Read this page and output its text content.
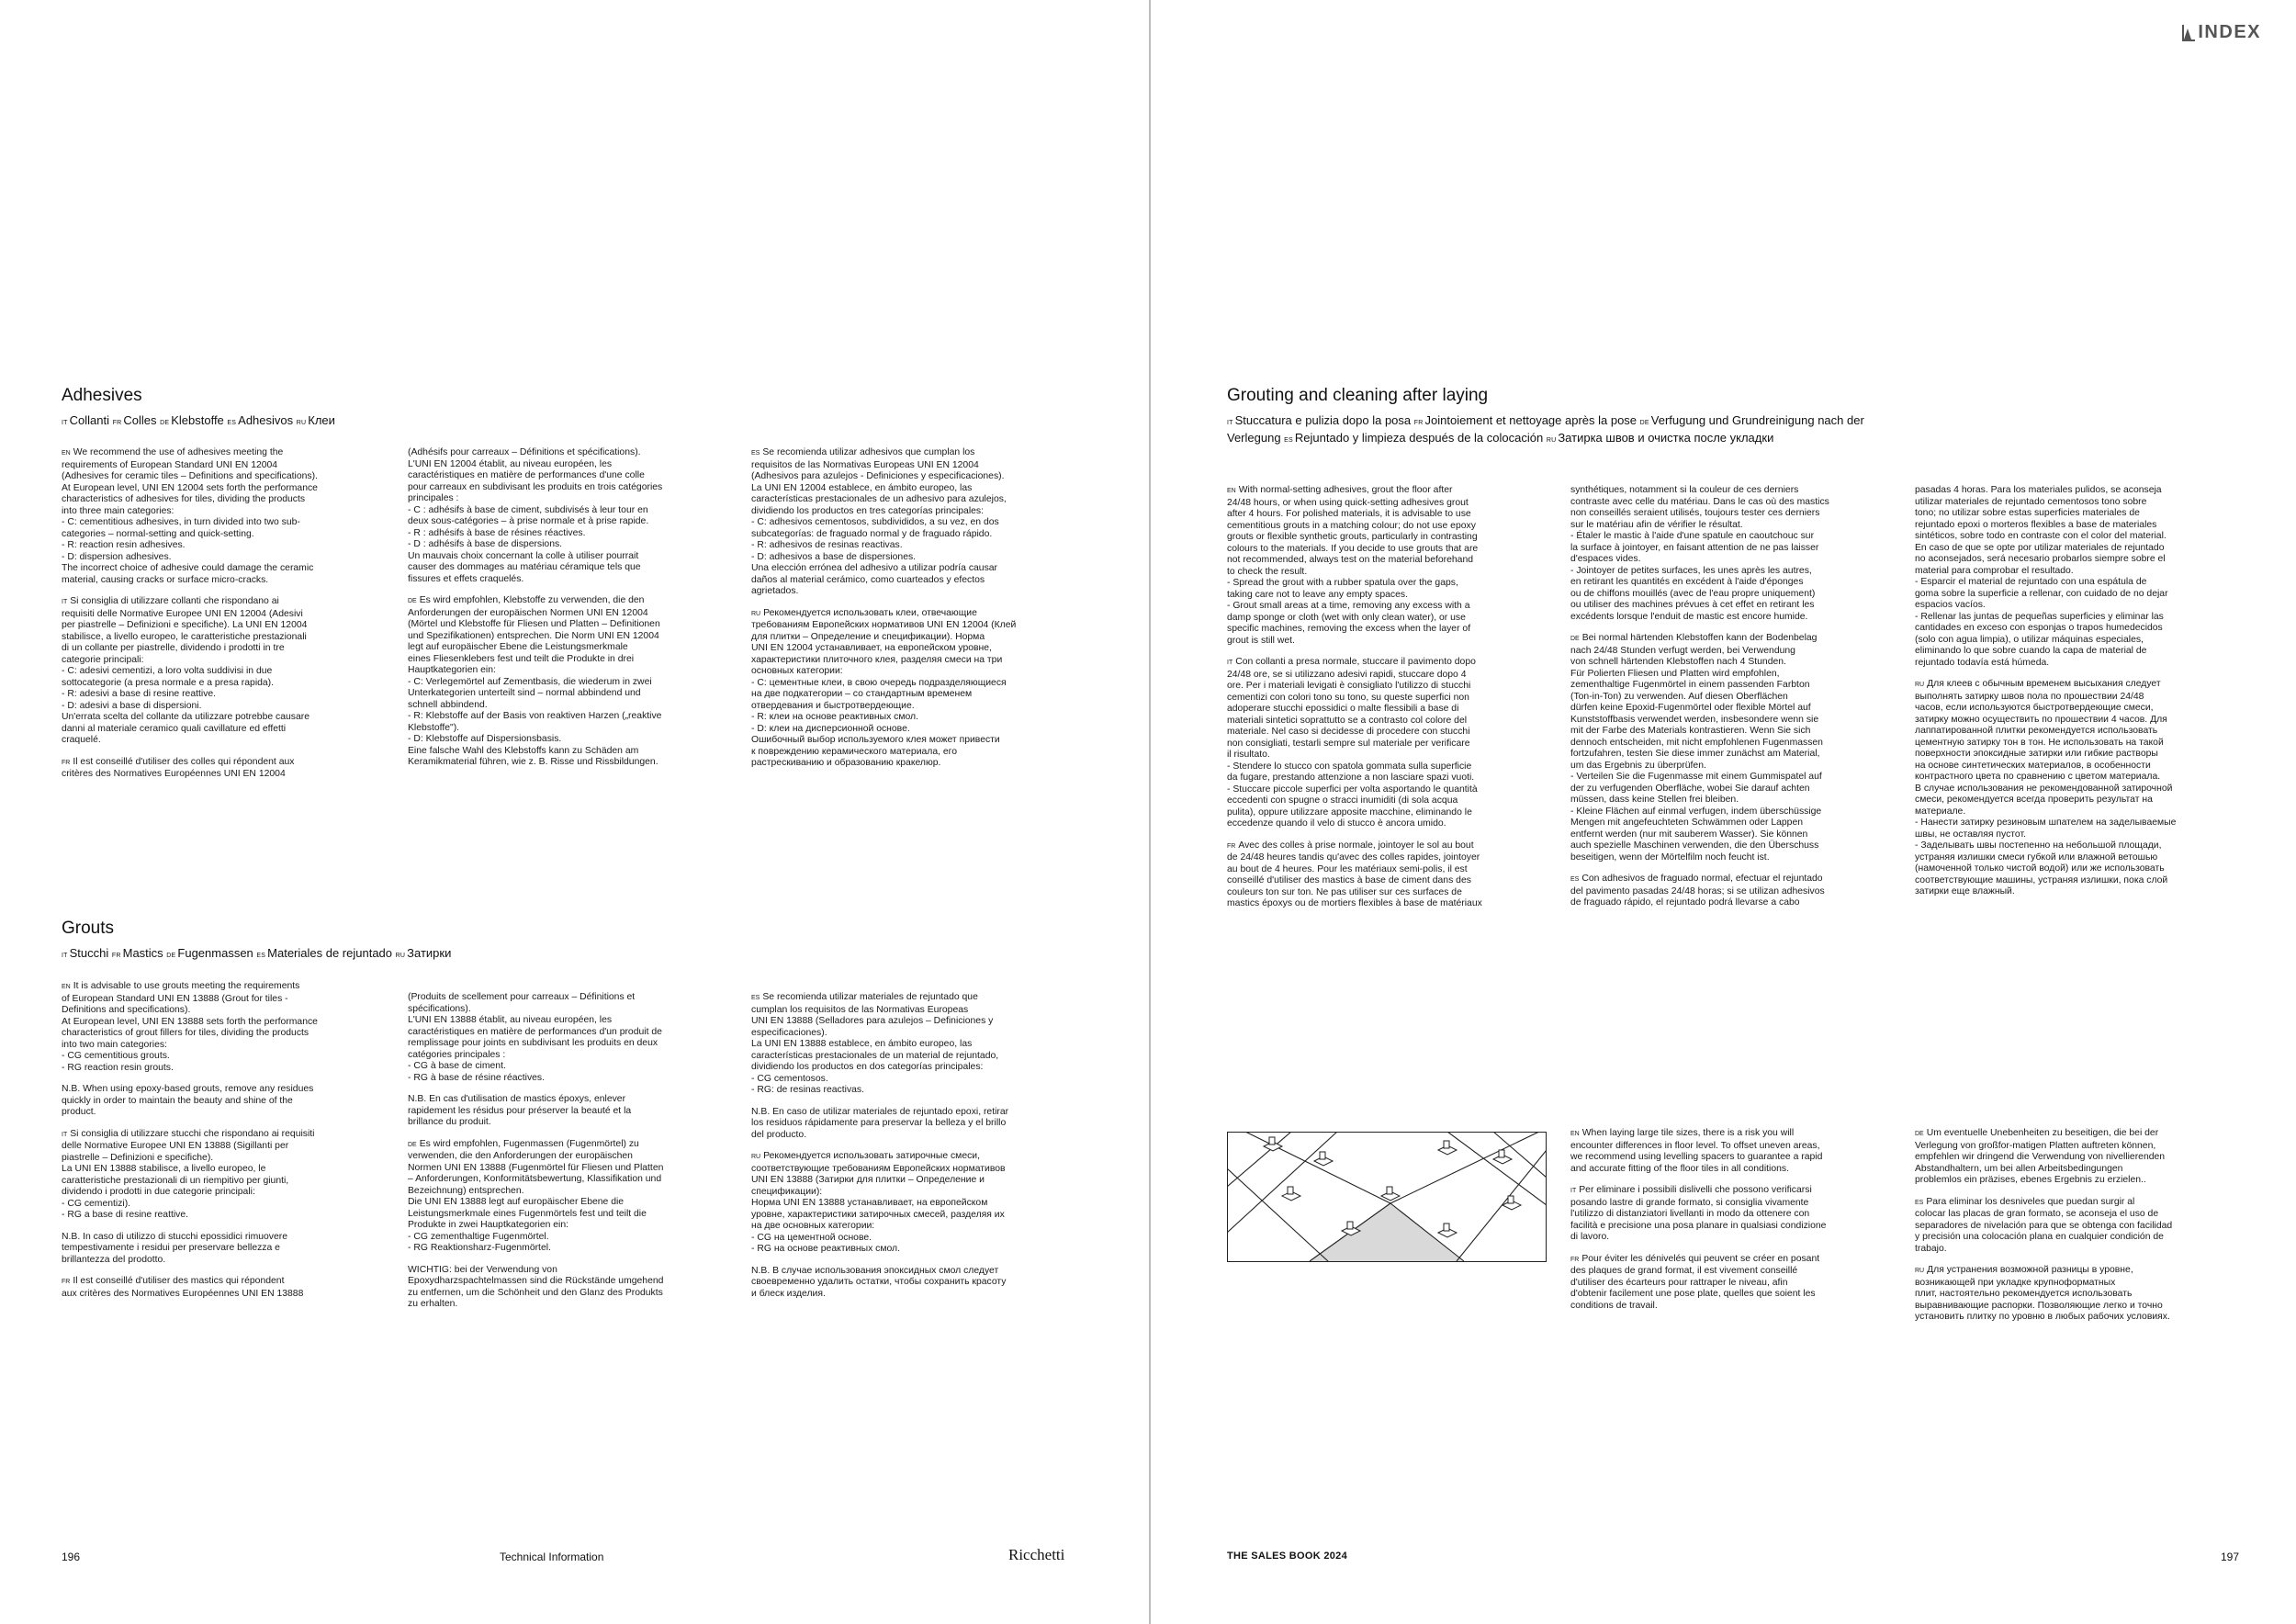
Adhesives
IT Collanti FR Colles DE Klebstoffe ES Adhesivos RU Клеи

EN We recommend the use of adhesives meeting the
requirements of European Standard UNI EN 12004
(Adhesives for ceramic tiles – Definitions and specifications).
At European level, UNI EN 12004 sets forth the performance
characteristics of adhesives for tiles, dividing the products
into three main categories:
- C: cementitious adhesives, in turn divided into two sub-
categories – normal-setting and quick-setting.
- R: reaction resin adhesives.
- D: dispersion adhesives.
The incorrect choice of adhesive could damage the ceramic
material, causing cracks or surface micro-cracks.

IT Si consiglia di utilizzare collanti che rispondano ai
requisiti delle Normative Europee UNI EN 12004 (Adesivi
per piastrelle – Definizioni e specifiche). La UNI EN 12004
stabilisce, a livello europeo, le caratteristiche prestazionali
di un collante per piastrelle, dividendo i prodotti in tre
categorie principali:
- C: adesivi cementizi, a loro volta suddivisi in due
sottocategorie (a presa normale e a presa rapida).
- R: adesivi a base di resine reattive.
- D: adesivi a base di dispersioni.
Un'errata scelta del collante da utilizzare potrebbe causare
danni al materiale ceramico quali cavillature ed effetti
craquelé.

FR Il est conseillé d'utiliser des colles qui répondent aux
critères des Normatives Européennes UNI EN 12004

(Adhésifs pour carreaux – Définitions et spécifications).
L'UNI EN 12004 établit, au niveau européen, les
caractéristiques en matière de performances d'une colle
pour carreaux en subdivisant les produits en trois catégories
principales :
- C : adhésifs à base de ciment, subdivisés à leur tour en
deux sous-catégories – à prise normale et à prise rapide.
- R : adhésifs à base de résines réactives.
- D : adhésifs à base de dispersions.
Un mauvais choix concernant la colle à utiliser pourrait
causer des dommages au matériau céramique tels que
fissures et effets craquelés.

DE Es wird empfohlen, Klebstoffe zu verwenden, die den
Anforderungen der europäischen Normen UNI EN 12004
(Mörtel und Klebstoffe für Fliesen und Platten – Definitionen
und Spezifikationen) entsprechen. Die Norm UNI EN 12004
legt auf europäischer Ebene die Leistungsmerkmale
eines Fliesenklebers fest und teilt die Produkte in drei
Hauptkategorien ein:
- C: Verlegemörtel auf Zementbasis, die wiederum in zwei
Unterkategorien unterteilt sind – normal abbindend und
schnell abbindend.
- R: Klebstoffe auf der Basis von reaktiven Harzen („reaktive
Klebstoffe").
- D: Klebstoffe auf Dispersionsbasis.
Eine falsche Wahl des Klebstoffs kann zu Schäden am
Keramikmaterial führen, wie z. B. Risse und Rissbildungen.

ES Se recomienda utilizar adhesivos que cumplan los
requisitos de las Normativas Europeas UNI EN 12004
(Adhesivos para azulejos - Definiciones y especificaciones).
La UNI EN 12004 establece, en ámbito europeo, las
características prestacionales de un adhesivo para azulejos,
dividiendo los productos en tres categorías principales:
- C: adhesivos cementosos, subdivididos, a su vez, en dos
subcategorías: de fraguado normal y de fraguado rápido.
- R: adhesivos de resinas reactivas.
- D: adhesivos a base de dispersiones.
Una elección errónea del adhesivo a utilizar podría causar
daños al material cerámico, como cuarteados y efectos
agrietados.

RU Рекомендуется использовать клеи, отвечающие
требованиям Европейских нормативов UNI EN 12004 (Клей
для плитки – Определение и спецификации). Норма
UNI EN 12004 устанавливает, на европейском уровне,
характеристики плиточного клея, разделяя смеси на три
основных категории:
- С: цементные клеи, в свою очередь подразделяющиеся
на две подкатегории – со стандартным временем
отвердевания и быстротвердеющие.
- R: клеи на основе реактивных смол.
- D: клеи на дисперсионной основе.
Ошибочный выбор используемого клея может привести
к повреждению керамического материала, его
растрескиванию и образованию кракелюр.

Grouts
IT Stucchi FR Mastics DE Fugenmassen ES Materiales de rejuntado RU Затирки

EN It is advisable to use grouts meeting the requirements
of European Standard UNI EN 13888 (Grout for tiles -
Definitions and specifications).
At European level, UNI EN 13888 sets forth the performance
characteristics of grout fillers for tiles, dividing the products
into two main categories:
- CG cementitious grouts.
- RG reaction resin grouts.

N.B. When using epoxy-based grouts, remove any residues
quickly in order to maintain the beauty and shine of the
product.

IT Si consiglia di utilizzare stucchi che rispondano ai requisiti
delle Normative Europee UNI EN 13888 (Sigillanti per
piastrelle – Definizioni e specifiche).
La UNI EN 13888 stabilisce, a livello europeo, le
caratteristiche prestazionali di un riempitivo per giunti,
dividendo i prodotti in due categorie principali:
- CG cementizi).
- RG a base di resine reattive.

N.B. In caso di utilizzo di stucchi epossidici rimuovere
tempestivamente i residui per preservare bellezza e
brillantezza del prodotto.

FR Il est conseillé d'utiliser des mastics qui répondent
aux critères des Normatives Européennes UNI EN 13888

(Produits de scellement pour carreaux – Définitions et
spécifications).
L'UNI EN 13888 établit, au niveau européen, les
caractéristiques en matière de performances d'un produit de
remplissage pour joints en subdivisant les produits en deux
catégories principales :
- CG à base de ciment.
- RG à base de résine réactives.

N.B. En cas d'utilisation de mastics époxys, enlever
rapidement les résidus pour préserver la beauté et la
brillance du produit.

DE Es wird empfohlen, Fugenmassen (Fugenmörtel) zu
verwenden, die den Anforderungen der europäischen
Normen UNI EN 13888 (Fugenmörtel für Fliesen und Platten
– Anforderungen, Konformitätsbewertung, Klassifikation und
Bezeichnung) entsprechen.
Die UNI EN 13888 legt auf europäischer Ebene die
Leistungsmerkmale eines Fugenmörtels fest und teilt die
Produkte in zwei Hauptkategorien ein:
- CG zementhaltige Fugenmörtel.
- RG Reaktionsharz-Fugenmörtel.

WICHTIG: bei der Verwendung von
Epoxydharzspachtelmassen sind die Rückstände umgehend
zu entfernen, um die Schönheit und den Glanz des Produkts
zu erhalten.

ES Se recomienda utilizar materiales de rejuntado que
cumplan los requisitos de las Normativas Europeas
UNI EN 13888 (Selladores para azulejos – Definiciones y
especificaciones).
La UNI EN 13888 establece, en ámbito europeo, las
características prestacionales de un material de rejuntado,
dividiendo los productos en dos categorías principales:
- CG cementosos.
- RG: de resinas reactivas.

N.B. En caso de utilizar materiales de rejuntado epoxi, retirar
los residuos rápidamente para preservar la belleza y el brillo
del producto.

RU Рекомендуется использовать затирочные смеси,
соответствующие требованиям Европейских нормативов
UNI EN 13888 (Затирки для плитки – Определение и
спецификации):
Норма UNI EN 13888 устанавливает, на европейском
уровне, характеристики затирочных смесей, разделяя их
на две основных категории:
- CG на цементной основе.
- RG на основе реактивных смол.

N.B. В случае использования эпоксидных смол следует
своевременно удалить остатки, чтобы сохранить красоту
и блеск изделия.

196	Technical Information	Ricchetti
INDEX
Grouting and cleaning after laying
IT Stuccatura e pulizia dopo la posa FR Jointoiement et nettoyage après la pose DE Verfugung und Grundreinigung nach der Verlegung ES Rejuntado y limpieza después de la colocación RU Затирка швов и очистка после укладки

EN With normal-setting adhesives, grout the floor after
24/48 hours, or when using quick-setting adhesives grout
after 4 hours. For polished materials, it is advisable to use
cementitious grouts in a matching colour; do not use epoxy
grouts or flexible synthetic grouts, particularly in contrasting
colours to the materials. If you decide to use grouts that are
not recommended, always test on the material beforehand
to check the result.
- Spread the grout with a rubber spatula over the gaps,
taking care not to leave any empty spaces.
- Grout small areas at a time, removing any excess with a
damp sponge or cloth (wet with only clean water), or use
specific machines, removing the excess when the layer of
grout is still wet.

IT Con collanti a presa normale, stuccare il pavimento dopo
24/48 ore, se si utilizzano adesivi rapidi, stuccare dopo 4
ore. Per i materiali levigati è consigliato l'utilizzo di stucchi
cementizi con colori tono su tono, su queste superfici non
adoperare stucchi epossidici o malte flessibili a base di
materiali sintetici soprattutto se a contrasto col colore del
materiale. Nel caso si decidesse di procedere con stucchi
non consigliati, testarli sempre sul materiale per verificare
il risultato.
- Stendere lo stucco con spatola gommata sulla superficie
da fugare, prestando attenzione a non lasciare spazi vuoti.
- Stuccare piccole superfici per volta asportando le quantità
eccedenti con spugne o stracci inumiditi (di sola acqua
pulita), oppure utilizzare apposite macchine, eliminando le
eccedenze quando il velo di stucco è ancora umido.

FR Avec des colles à prise normale, jointoyer le sol au bout
de 24/48 heures tandis qu'avec des colles rapides, jointoyer
au bout de 4 heures. Pour les matériaux semi-polis, il est
conseillé d'utiliser des mastics à base de ciment dans des
couleurs ton sur ton. Ne pas utiliser sur ces surfaces de
mastics époxys ou de mortiers flexibles à base de matériaux

synthétiques, notamment si la couleur de ces derniers
contraste avec celle du matériau. Dans le cas où des mastics
non conseillés seraient utilisés, toujours tester ces derniers
sur le matériau afin de vérifier le résultat.
- Étaler le mastic à l'aide d'une spatule en caoutchouc sur
la surface à jointoyer, en faisant attention de ne pas laisser
d'espaces vides.
- Jointoyer de petites surfaces, les unes après les autres,
en retirant les quantités en excédent à l'aide d'éponges
ou de chiffons mouillés (avec de l'eau propre uniquement)
ou utiliser des machines prévues à cet effet en retirant les
excédents lorsque l'enduit de mastic est encore humide.

DE Bei normal härtenden Klebstoffen kann der Bodenbelag
nach 24/48 Stunden verfugt werden, bei Verwendung
von schnell härtenden Klebstoffen nach 4 Stunden.
Für Polierten Fliesen und Platten wird empfohlen,
zementhaltige Fugenmörtel in einem passenden Farbton
(Ton-in-Ton) zu verwenden. Auf diesen Oberflächen
dürfen keine Epoxid-Fugenmörtel oder flexible Mörtel auf
Kunststoffbasis verwendet werden, insbesondere wenn sie
mit der Farbe des Materials kontrastieren. Wenn Sie sich
dennoch entscheiden, mit nicht empfohlenen Fugenmassen
fortzufahren, testen Sie diese immer zunächst am Material,
um das Ergebnis zu überprüfen.
- Verteilen Sie die Fugenmasse mit einem Gummispatel auf
der zu verfugenden Oberfläche, wobei Sie darauf achten
müssen, dass keine Stellen frei bleiben.
- Kleine Flächen auf einmal verfugen, indem überschüssige
Mengen mit angefeuchteten Schwämmen oder Lappen
entfernt werden (nur mit sauberem Wasser). Sie können
auch spezielle Maschinen verwenden, die den Überschuss
beseitigen, wenn der Mörtelfilm noch feucht ist.

ES Con adhesivos de fraguado normal, efectuar el rejuntado
del pavimento pasadas 24/48 horas; si se utilizan adhesivos
de fraguado rápido, el rejuntado podrá llevarse a cabo

pasadas 4 horas. Para los materiales pulidos, se aconseja
utilizar materiales de rejuntado cementosos tono sobre
tono; no utilizar sobre estas superficies materiales de
rejuntado epoxi o morteros flexibles a base de materiales
sintéticos, sobre todo en contraste con el color del material.
En caso de que se opte por utilizar materiales de rejuntado
no aconsejados, será necesario probarlos siempre sobre el
material para comprobar el resultado.
- Esparcir el material de rejuntado con una espátula de
goma sobre la superficie a rellenar, con cuidado de no dejar
espacios vacíos.
- Rellenar las juntas de pequeñas superficies y eliminar las
cantidades en exceso con esponjas o trapos humedecidos
(solo con agua limpia), o utilizar máquinas especiales,
eliminando lo que sobre cuando la capa de material de
rejuntado todavía está húmeda.

RU Для клеев с обычным временем высыхания следует
выполнять затирку швов пола по прошествии 24/48
часов, если используются быстротвердеющие смеси,
затирку можно осуществить по прошествии 4 часов. Для
лаппатированной плитки рекомендуется использовать
цементную затирку тон в тон. Не использовать на такой
поверхности эпоксидные затирки или гибкие растворы
на основе синтетических материалов, в особенности
контрастного цвета по сравнению с цветом материала.
В случае использования не рекомендованной затирочной
смеси, рекомендуется всегда проверить результат на
материале.
- Нанести затирку резиновым шпателем на заделываемые
швы, не оставляя пустот.
- Заделывать швы постепенно на небольшой площади,
устраняя излишки смеси губкой или влажной ветошью
(намоченной только чистой водой) или же использовать
соответствующие машины, устраняя излишки, пока слой
затирки еще влажный.

EN When laying large tile sizes, there is a risk you will
encounter differences in floor level. To offset uneven areas,
we recommend using levelling spacers to guarantee a rapid
and accurate fitting of the floor tiles in all conditions.

IT Per eliminare i possibili dislivelli che possono verificarsi
posando lastre di grande formato, si consiglia vivamente
l'utilizzo di distanziatori livellanti in modo da ottenere con
facilità e precisione una posa planare in qualsiasi condizione
di lavoro.

FR Pour éviter les dénivelés qui peuvent se créer en posant
des plaques de grand format, il est vivement conseillé
d'utiliser des écarteurs pour rattraper le niveau, afin
d'obtenir facilement une pose plate, quelles que soient les
conditions de travail.

DE Um eventuelle Unebenheiten zu beseitigen, die bei der
Verlegung von großfor-matigen Platten auftreten können,
empfehlen wir dringend die Verwendung von nivellierenden
Abstandhaltern, um bei allen Arbeitsbedingungen
problemlos ein präzises, ebenes Ergebnis zu erzielen..

ES Para eliminar los desniveles que puedan surgir al
colocar las placas de gran formato, se aconseja el uso de
separadores de nivelación para que se obtenga con facilidad
y precisión una colocación plana en cualquier condición de
trabajo.

RU Для устранения возможной разницы в уровне,
возникающей при укладке крупноформатных
плит, настоятельно рекомендуется использовать
выравнивающие распорки. Позволяющие легко и точно
установить плитку по уровню в любых рабочих условиях.

THE SALES BOOK 2024	197
